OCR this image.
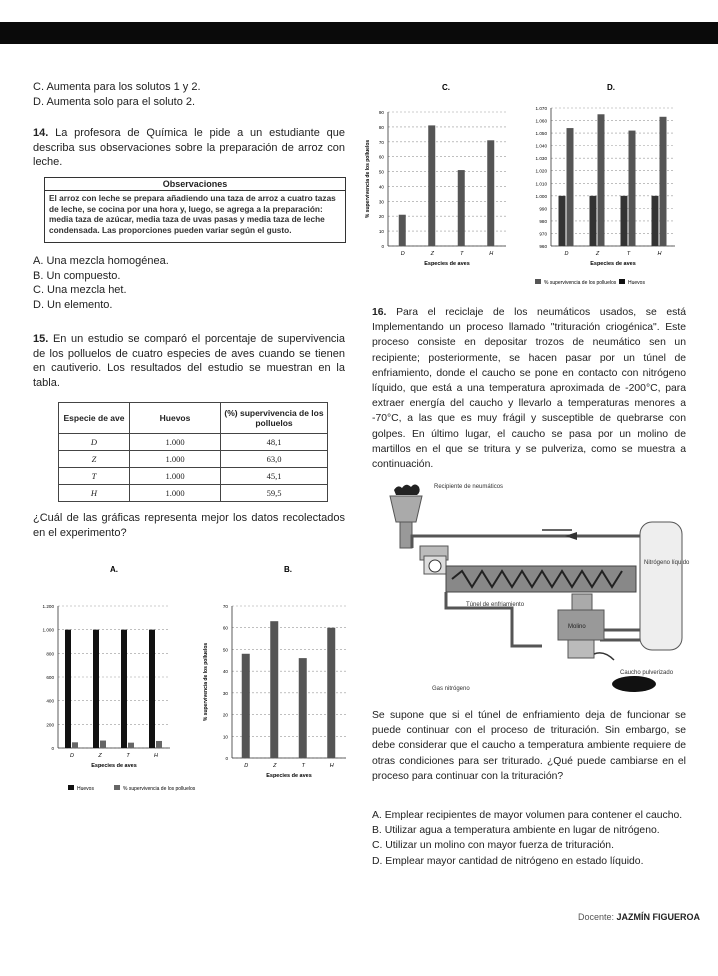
C. Aumenta para los solutos 1 y 2.
D. Aumenta solo para el soluto 2.
14. La profesora de Química le pide a un estudiante que describa sus observaciones sobre la preparación de arroz con leche.
Observaciones
El arroz con leche se prepara añadiendo una taza de arroz a cuatro tazas de leche, se cocina por una hora y, luego, se agrega a la preparación: media taza de azúcar, media taza de uvas pasas y media taza de leche condensada. Las proporciones pueden variar según el gusto.
A. Una mezcla homogénea.
B. Un compuesto.
C. Una mezcla het.
D. Un elemento.
15. En un estudio se comparó el porcentaje de supervivencia de los polluelos de cuatro especies de aves cuando se tienen en cautiverio. Los resultados del estudio se muestran en la tabla.
Especie de ave	Huevos	(%) supervivencia de los polluelos
D	1.000	48,1
Z	1.000	63,0
T	1.000	45,1
H	1.000	59,5
¿Cuál de las gráficas representa mejor los datos recolectados en el experimento?
A.
0
200
400
600
800
1.000
1.200
D	Z	T	H
Especies de aves
Huevos	% supervivencia de los polluelos
B.
0
10
20
30
40
50
60
70
D	Z	T	H
Especies de aves
% supervivencia de los polluelos
C.
0
10
20
30
40
50
60
70
80
90
D	Z	T	H
Especies de aves
% supervivencia de los polluelos
D.
960
970
980
990
1.000
1.010
1.020
1.030
1.040
1.050
1.060
1.070
D	Z	T	H
Especies de aves
% supervivencia de los polluelos Huevos
16. Para el reciclaje de los neumáticos usados, se está Implementando un proceso llamado "trituración criogénica". Este proceso consiste en depositar trozos de neumático sen un recipiente; posteriormente, se hacen pasar por un túnel de enfriamiento, donde el caucho se pone en contacto con nitrógeno líquido, que está a una temperatura aproximada de -200°C, para extraer energía del caucho y llevarlo a temperaturas menores a -70°C, a las que es muy frágil y susceptible de quebrarse con golpes. En último lugar, el caucho se pasa por un molino de martillos en el que se tritura y se pulveriza, como se muestra a continuación.
Recipiente de neumáticos
Túnel de enfriamiento
Nitrógeno líquido
Molino
Caucho pulverizado
Gas nitrógeno
Se supone que si el túnel de enfriamiento deja de funcionar se puede continuar con el proceso de trituración. Sin embargo, se debe considerar que el caucho a temperatura ambiente requiere de otras condiciones para ser triturado. ¿Qué puede cambiarse en el proceso para continuar con la trituración?
A. Emplear recipientes de mayor volumen para contener el caucho.
B. Utilizar agua a temperatura ambiente en lugar de nitrógeno.
C. Utilizar un molino con mayor fuerza de trituración.
D. Emplear mayor cantidad de nitrógeno en estado líquido.
Docente: JAZMÍN FIGUEROA
